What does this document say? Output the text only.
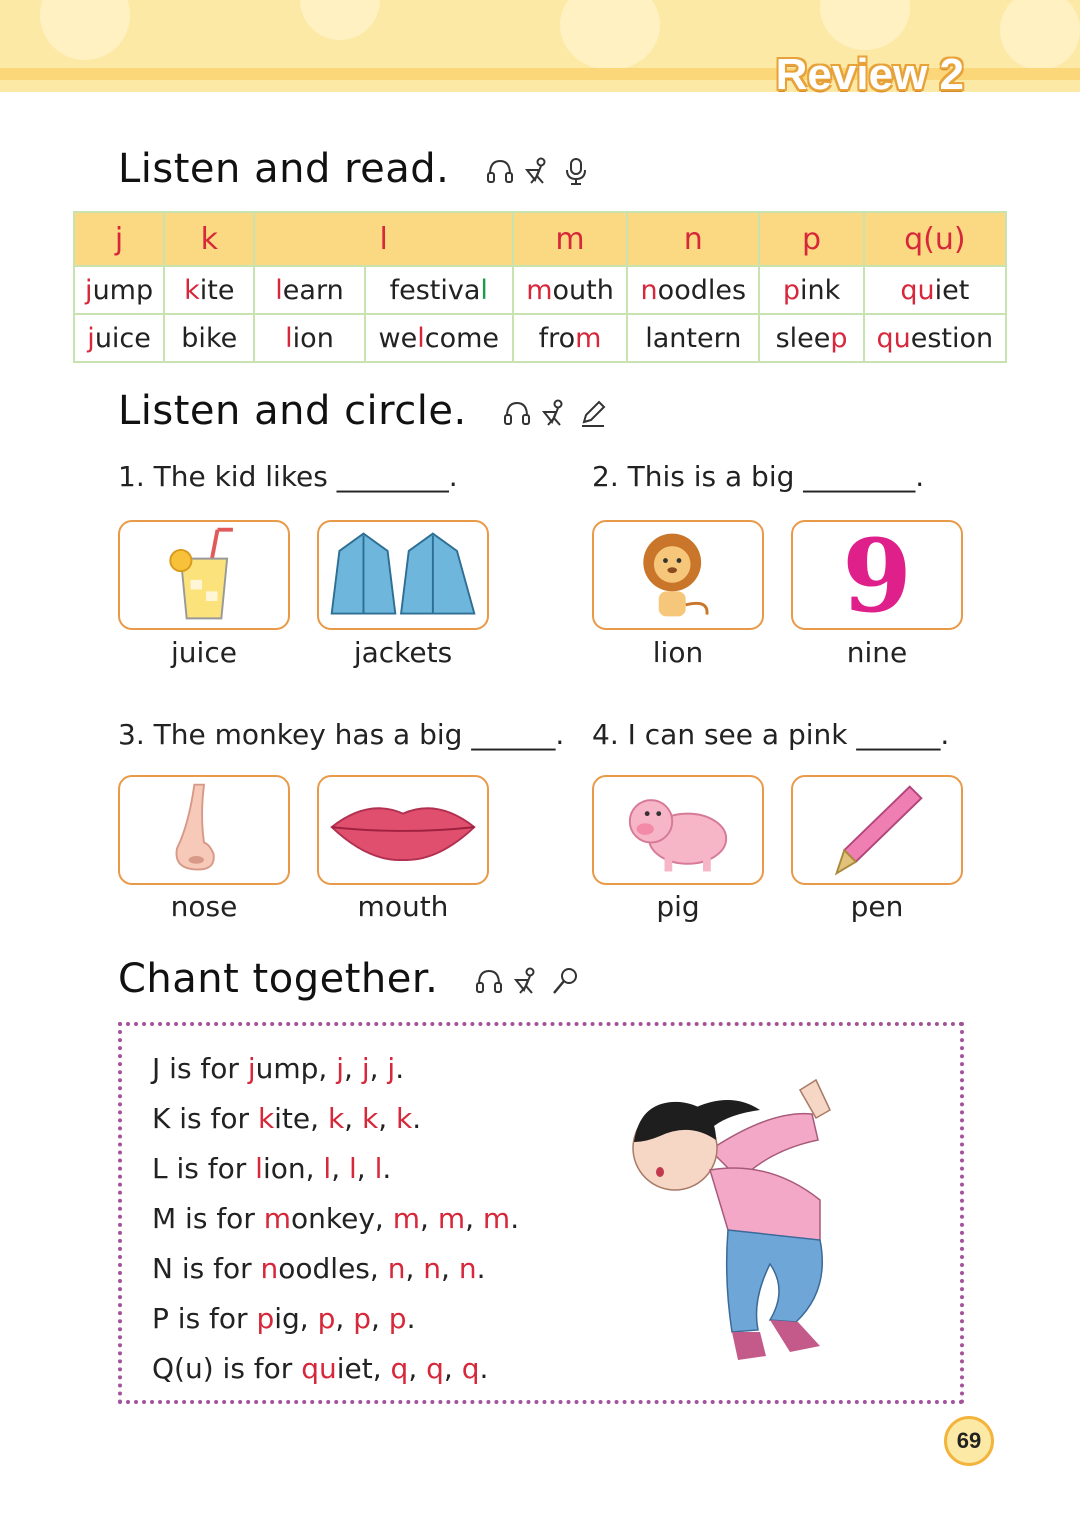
Review 2
Listen and read.
j	k	l		m	n	p	q(u)
jump	kite	learn	festival	mouth	noodles	pink	quiet
juice	bike	lion	welcome	from	lantern	sleep	question
Listen and circle.
1. The kid likes ________.	2. This is a big ________.
juice	jackets
9
lion	nine
3. The monkey has a big ______. 4. I can see a pink ______.
nose	mouth	pig	pen
Chant together.
J is for jump, j, j, j.
K is for kite, k, k, k.
L is for lion, l, l, l.
M is for monkey, m, m, m.
N is for noodles, n, n, n.
P is for pig, p, p, p.
Q(u) is for quiet, q, q, q.
69
